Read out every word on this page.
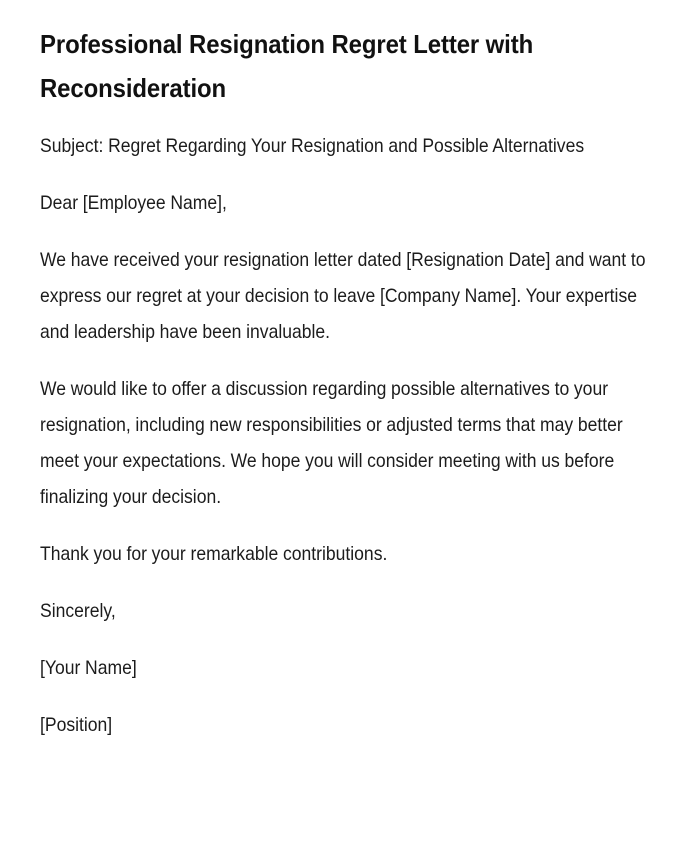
Professional Resignation Regret Letter with Reconsideration

Subject: Regret Regarding Your Resignation and Possible Alternatives

Dear [Employee Name],

We have received your resignation letter dated [Resignation Date] and want to express our regret at your decision to leave [Company Name]. Your expertise and leadership have been invaluable.

We would like to offer a discussion regarding possible alternatives to your resignation, including new responsibilities or adjusted terms that may better meet your expectations. We hope you will consider meeting with us before finalizing your decision.

Thank you for your remarkable contributions.

Sincerely,

[Your Name]

[Position]
